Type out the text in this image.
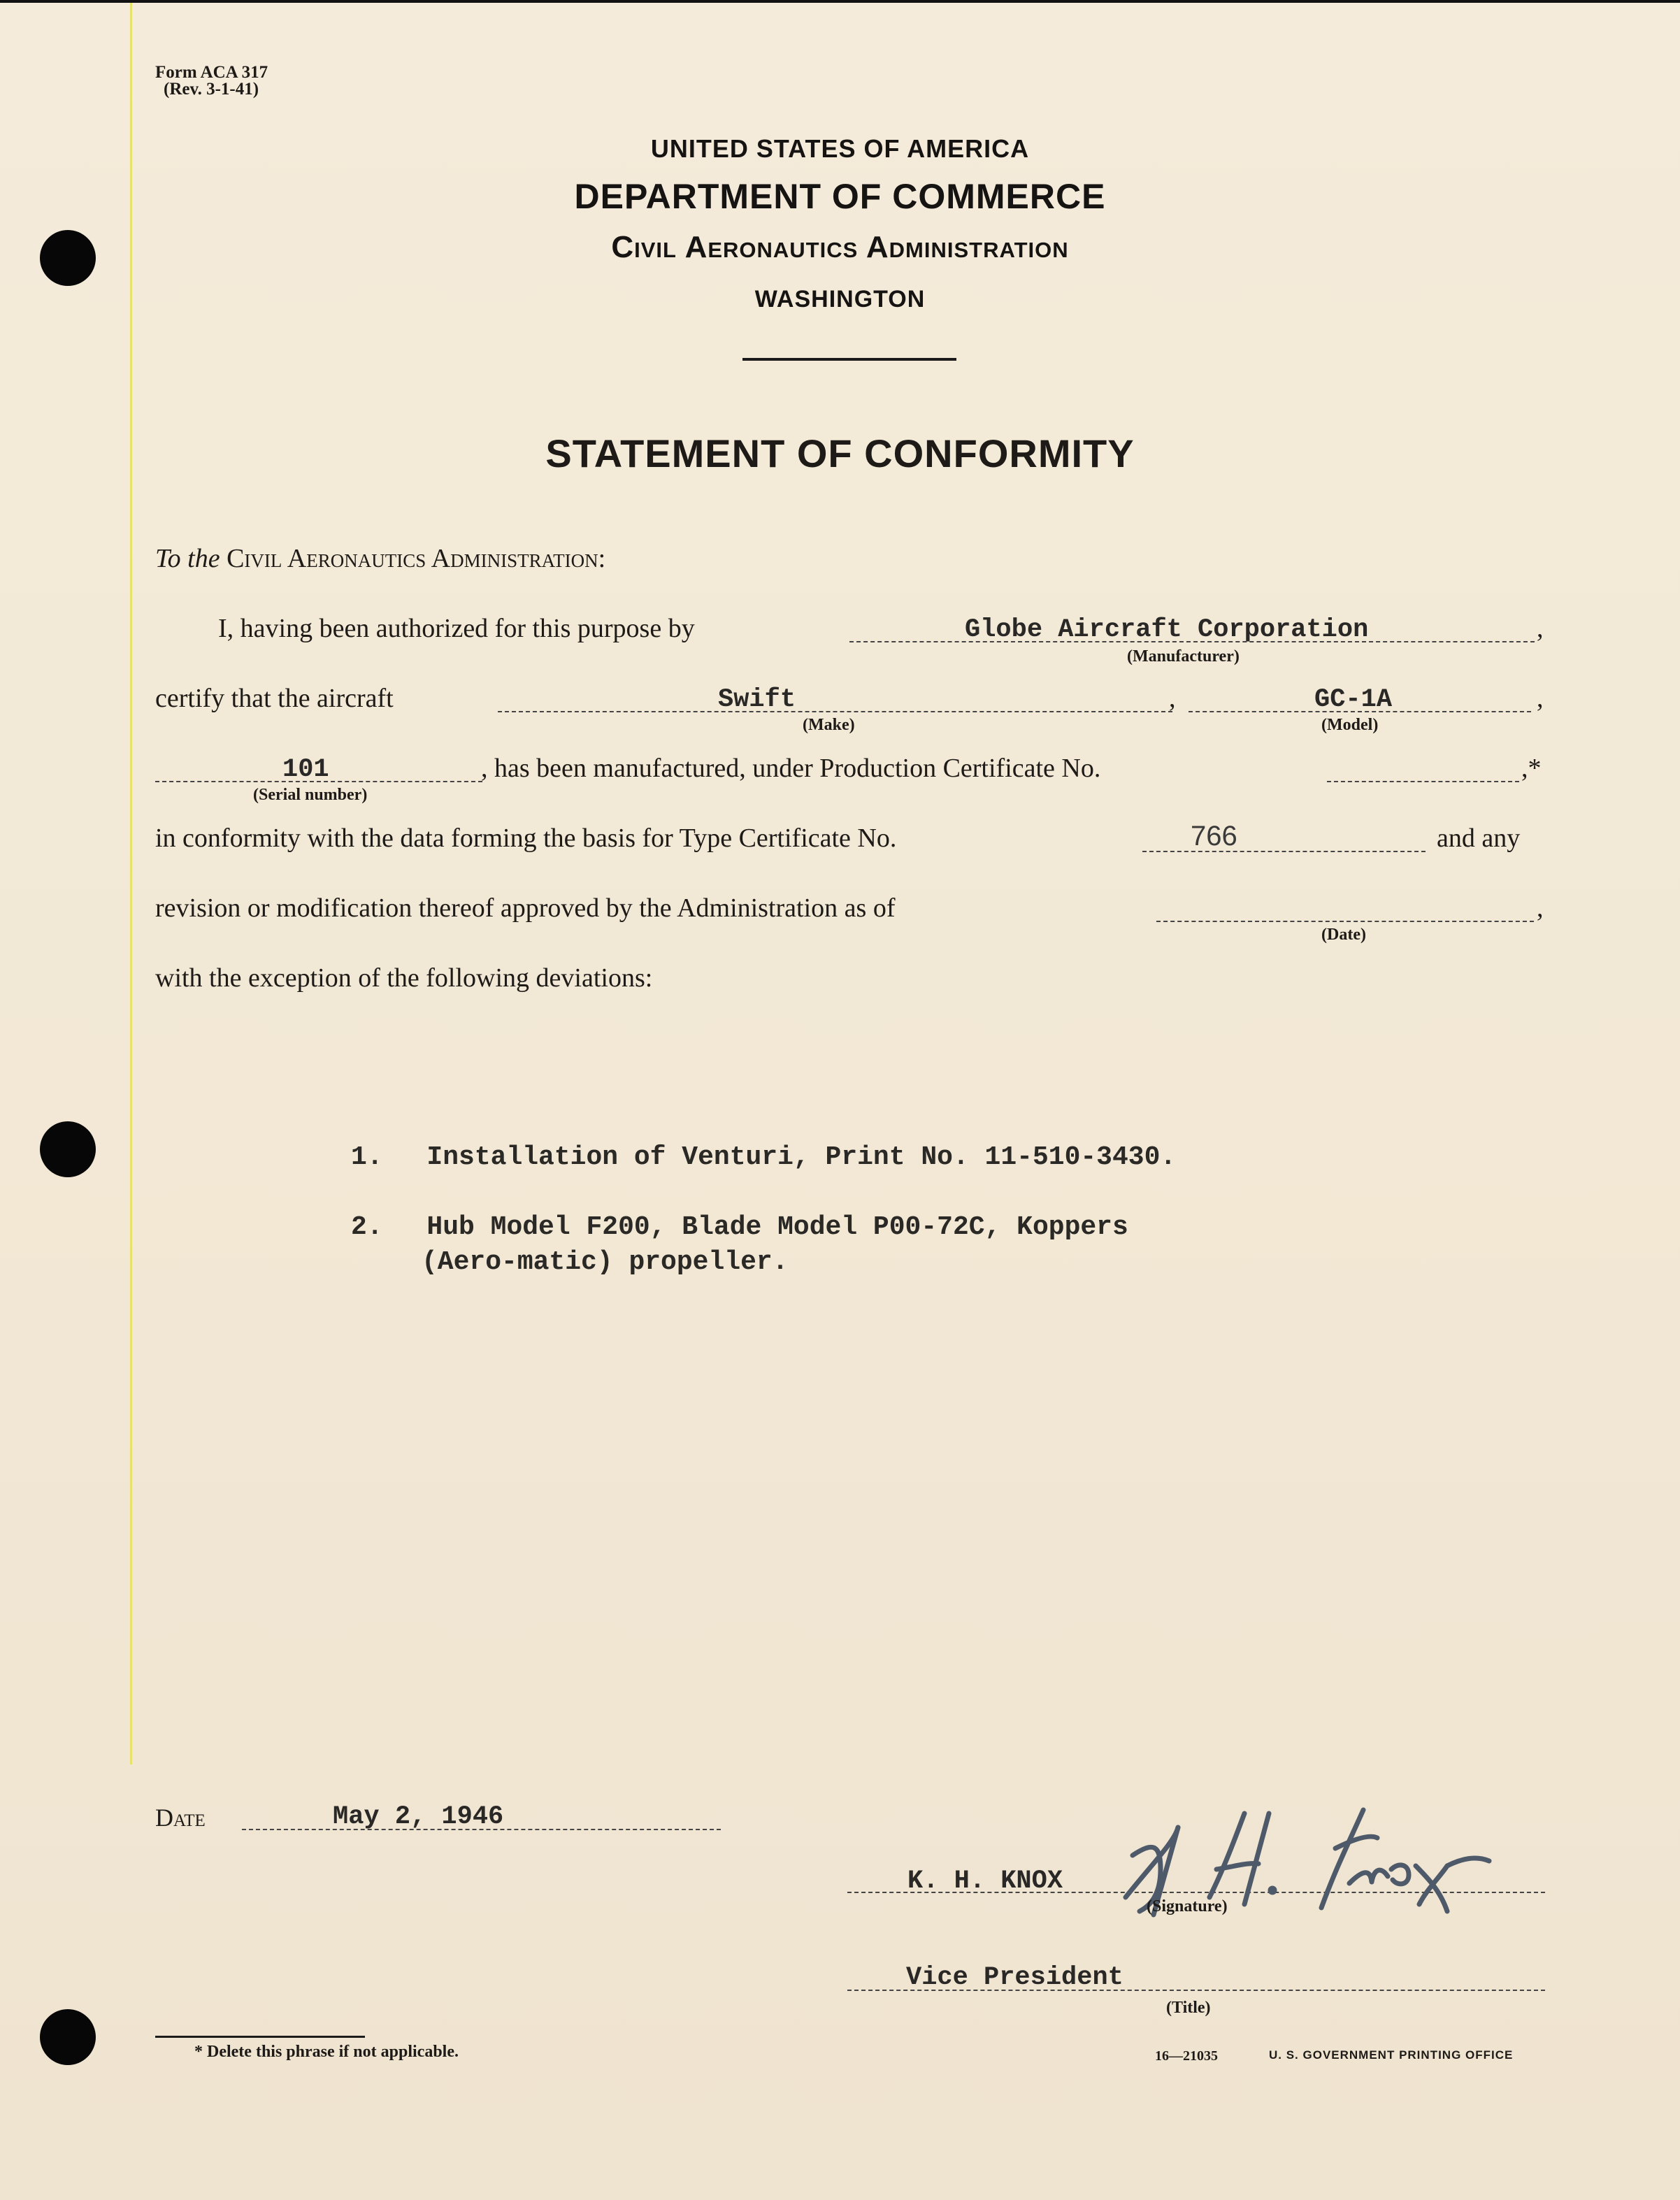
Form ACA 317
(Rev. 3-1-41)
UNITED STATES OF AMERICA
DEPARTMENT OF COMMERCE
Civil Aeronautics Administration
WASHINGTON
STATEMENT OF CONFORMITY
To the Civil Aeronautics Administration:
I, having been authorized for this purpose by	Globe Aircraft Corporation	,
(Manufacturer)
certify that the aircraft	Swift	,
(Make)
GC-1A	,
(Model)
101
(Serial number)
, has been manufactured, under Production Certificate No.	,*
in conformity with the data forming the basis for Type Certificate No.	766	and any
revision or modification thereof approved by the Administration as of	,
(Date)
with the exception of the following deviations:
1. Installation of Venturi, Print No. 11-510-3430.
2. Hub Model F200, Blade Model P00-72C, Koppers
(Aero-matic) propeller.
Date	May 2, 1946
K. H. KNOX
(Signature)
Vice President
(Title)
* Delete this phrase if not applicable.	16—21035	U. S. GOVERNMENT PRINTING OFFICE
